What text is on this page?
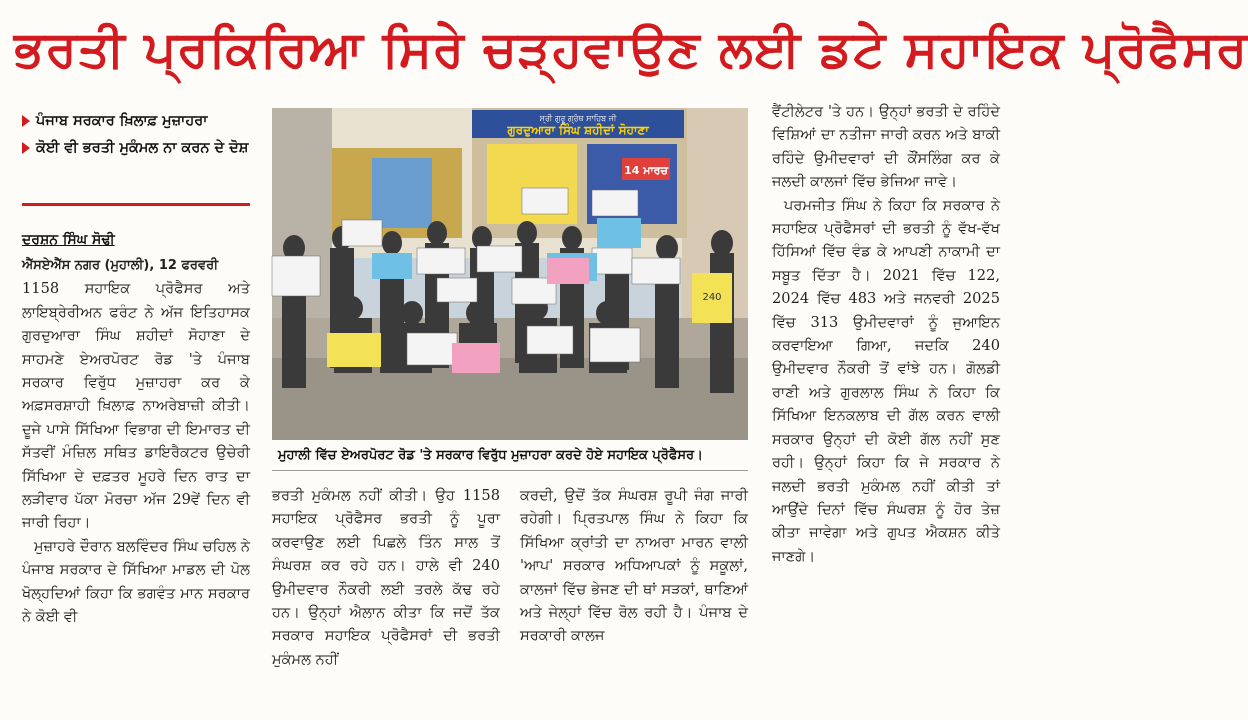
ਭਰਤੀ ਪ੍ਰਕਿਰਿਆ ਸਿਰੇ ਚੜ੍ਹਵਾਉਣ ਲਈ ਡਟੇ ਸਹਾਇਕ ਪ੍ਰੋਫੈਸਰ
ਪੰਜਾਬ ਸਰਕਾਰ ਖ਼ਿਲਾਫ਼ ਮੁਜ਼ਾਹਰਾ
ਕੋਈ ਵੀ ਭਰਤੀ ਮੁਕੰਮਲ ਨਾ ਕਰਨ ਦੇ ਦੋਸ਼
ਦਰਸ਼ਨ ਸਿੰਘ ਸੋਢੀ

ਐੱਸਏਐੱਸ ਨਗਰ (ਮੁਹਾਲੀ), 12 ਫਰਵਰੀ

1158 ਸਹਾਇਕ ਪ੍ਰੋਫੈਸਰ ਅਤੇ ਲਾਇਬ੍ਰੇਰੀਅਨ ਫਰੰਟ ਨੇ ਅੱਜ ਇਤਿਹਾਸਕ ਗੁਰਦੁਆਰਾ ਸਿੰਘ ਸ਼ਹੀਦਾਂ ਸੋਹਾਣਾ ਦੇ ਸਾਹਮਣੇ ਏਅਰਪੋਰਟ ਰੋਡ 'ਤੇ ਪੰਜਾਬ ਸਰਕਾਰ ਵਿਰੁੱਧ ਮੁਜ਼ਾਹਰਾ ਕਰ ਕੇ ਅਫ਼ਸਰਸ਼ਾਹੀ ਖ਼ਿਲਾਫ਼ ਨਾਅਰੇਬਾਜ਼ੀ ਕੀਤੀ। ਦੂਜੇ ਪਾਸੇ ਸਿੱਖਿਆ ਵਿਭਾਗ ਦੀ ਇਮਾਰਤ ਦੀ ਸੱਤਵੀਂ ਮੰਜ਼ਿਲ ਸਥਿਤ ਡਾਇਰੈਕਟਰ ਉਚੇਰੀ ਸਿੱਖਿਆ ਦੇ ਦਫ਼ਤਰ ਮੂਹਰੇ ਦਿਨ ਰਾਤ ਦਾ ਲੜੀਵਾਰ ਪੱਕਾ ਮੋਰਚਾ ਅੱਜ 29ਵੇਂ ਦਿਨ ਵੀ ਜਾਰੀ ਰਿਹਾ।

ਮੁਜ਼ਾਹਰੇ ਦੌਰਾਨ ਬਲਵਿੰਦਰ ਸਿੰਘ ਚਹਿਲ ਨੇ ਪੰਜਾਬ ਸਰਕਾਰ ਦੇ ਸਿੱਖਿਆ ਮਾਡਲ ਦੀ ਪੋਲ ਖੋਲ੍ਹਦਿਆਂ ਕਿਹਾ ਕਿ ਭਗਵੰਤ ਮਾਨ ਸਰਕਾਰ ਨੇ ਕੋਈ ਵੀ

ਸ੍ਰੀ ਗੁਰੂ ਗ੍ਰੰਥ ਸਾਹਿਬ ਜੀ
ਗੁਰਦੁਆਰਾ ਸਿੰਘ ਸ਼ਹੀਦਾਂ ਸੋਹਾਣਾ
14 ਮਾਰਚ
240
ਮੁਹਾਲੀ ਵਿੱਚ ਏਅਰਪੋਰਟ ਰੋਡ 'ਤੇ ਸਰਕਾਰ ਵਿਰੁੱਧ ਮੁਜ਼ਾਹਰਾ ਕਰਦੇ ਹੋਏ ਸਹਾਇਕ ਪ੍ਰੋਫੈਸਰ।

ਭਰਤੀ ਮੁਕੰਮਲ ਨਹੀਂ ਕੀਤੀ। ਉਹ 1158 ਸਹਾਇਕ ਪ੍ਰੋਫੈਸਰ ਭਰਤੀ ਨੂੰ ਪੂਰਾ ਕਰਵਾਉਣ ਲਈ ਪਿਛਲੇ ਤਿੰਨ ਸਾਲ ਤੋਂ ਸੰਘਰਸ਼ ਕਰ ਰਹੇ ਹਨ। ਹਾਲੇ ਵੀ 240 ਉਮੀਦਵਾਰ ਨੌਕਰੀ ਲਈ ਤਰਲੇ ਕੱਢ ਰਹੇ ਹਨ। ਉਨ੍ਹਾਂ ਐਲਾਨ ਕੀਤਾ ਕਿ ਜਦੋਂ ਤੱਕ ਸਰਕਾਰ ਸਹਾਇਕ ਪ੍ਰੋਫੈਸਰਾਂ ਦੀ ਭਰਤੀ ਮੁਕੰਮਲ ਨਹੀਂ

ਕਰਦੀ, ਉਦੋਂ ਤੱਕ ਸੰਘਰਸ਼ ਰੂਪੀ ਜੰਗ ਜਾਰੀ ਰਹੇਗੀ। ਪ੍ਰਿਤਪਾਲ ਸਿੰਘ ਨੇ ਕਿਹਾ ਕਿ ਸਿੱਖਿਆ ਕ੍ਰਾਂਤੀ ਦਾ ਨਾਅਰਾ ਮਾਰਨ ਵਾਲੀ 'ਆਪ' ਸਰਕਾਰ ਅਧਿਆਪਕਾਂ ਨੂੰ ਸਕੂਲਾਂ, ਕਾਲਜਾਂ ਵਿੱਚ ਭੇਜਣ ਦੀ ਥਾਂ ਸੜਕਾਂ, ਥਾਣਿਆਂ ਅਤੇ ਜੇਲ੍ਹਾਂ ਵਿੱਚ ਰੋਲ ਰਹੀ ਹੈ। ਪੰਜਾਬ ਦੇ ਸਰਕਾਰੀ ਕਾਲਜ

ਵੈਂਟੀਲੇਟਰ 'ਤੇ ਹਨ। ਉਨ੍ਹਾਂ ਭਰਤੀ ਦੇ ਰਹਿੰਦੇ ਵਿਸ਼ਿਆਂ ਦਾ ਨਤੀਜਾ ਜਾਰੀ ਕਰਨ ਅਤੇ ਬਾਕੀ ਰਹਿੰਦੇ ਉਮੀਦਵਾਰਾਂ ਦੀ ਕੌਂਸਲਿੰਗ ਕਰ ਕੇ ਜਲਦੀ ਕਾਲਜਾਂ ਵਿੱਚ ਭੇਜਿਆ ਜਾਵੇ।

ਪਰਮਜੀਤ ਸਿੰਘ ਨੇ ਕਿਹਾ ਕਿ ਸਰਕਾਰ ਨੇ ਸਹਾਇਕ ਪ੍ਰੋਫੈਸਰਾਂ ਦੀ ਭਰਤੀ ਨੂੰ ਵੱਖ-ਵੱਖ ਹਿੱਸਿਆਂ ਵਿੱਚ ਵੰਡ ਕੇ ਆਪਣੀ ਨਾਕਾਮੀ ਦਾ ਸਬੂਤ ਦਿੱਤਾ ਹੈ। 2021 ਵਿੱਚ 122, 2024 ਵਿੱਚ 483 ਅਤੇ ਜਨਵਰੀ 2025 ਵਿੱਚ 313 ਉਮੀਦਵਾਰਾਂ ਨੂੰ ਜੁਆਇਨ ਕਰਵਾਇਆ ਗਿਆ, ਜਦਕਿ 240 ਉਮੀਦਵਾਰ ਨੌਕਰੀ ਤੋਂ ਵਾਂਝੇ ਹਨ। ਗੋਲਡੀ ਰਾਣੀ ਅਤੇ ਗੁਰਲਾਲ ਸਿੰਘ ਨੇ ਕਿਹਾ ਕਿ ਸਿੱਖਿਆ ਇਨਕਲਾਬ ਦੀ ਗੱਲ ਕਰਨ ਵਾਲੀ ਸਰਕਾਰ ਉਨ੍ਹਾਂ ਦੀ ਕੋਈ ਗੱਲ ਨਹੀਂ ਸੁਣ ਰਹੀ। ਉਨ੍ਹਾਂ ਕਿਹਾ ਕਿ ਜੇ ਸਰਕਾਰ ਨੇ ਜਲਦੀ ਭਰਤੀ ਮੁਕੰਮਲ ਨਹੀਂ ਕੀਤੀ ਤਾਂ ਆਉਂਦੇ ਦਿਨਾਂ ਵਿੱਚ ਸੰਘਰਸ਼ ਨੂੰ ਹੋਰ ਤੇਜ਼ ਕੀਤਾ ਜਾਵੇਗਾ ਅਤੇ ਗੁਪਤ ਐਕਸ਼ਨ ਕੀਤੇ ਜਾਣਗੇ।
